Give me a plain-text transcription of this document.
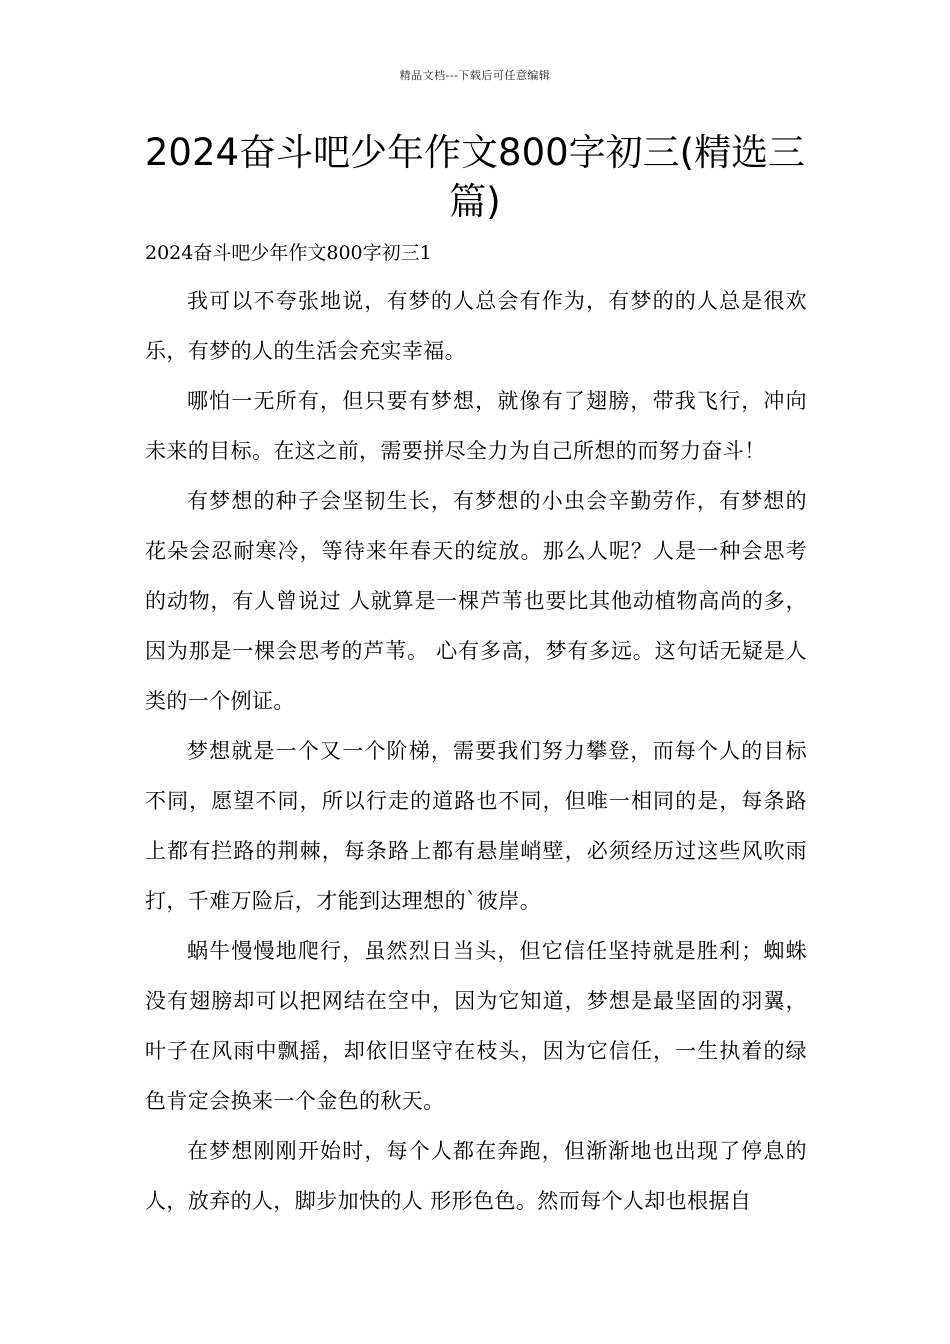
精品文档---下载后可任意编辑
2024奋斗吧少年作文800字初三(精选三篇)
2024奋斗吧少年作文800字初三1

我可以不夸张地说，有梦的人总会有作为，有梦的的人总是很欢乐，有梦的人的生活会充实幸福。

哪怕一无所有，但只要有梦想，就像有了翅膀，带我飞行，冲向未来的目标。在这之前，需要拼尽全力为自己所想的而努力奋斗！

有梦想的种子会坚韧生长，有梦想的小虫会辛勤劳作，有梦想的花朵会忍耐寒冷，等待来年春天的绽放。那么人呢？人是一种会思考的动物，有人曾说过 人就算是一棵芦苇也要比其他动植物高尚的多，因为那是一棵会思考的芦苇。 心有多高，梦有多远。这句话无疑是人类的一个例证。

梦想就是一个又一个阶梯，需要我们努力攀登，而每个人的目标不同，愿望不同，所以行走的道路也不同，但唯一相同的是，每条路上都有拦路的荆棘，每条路上都有悬崖峭壁，必须经历过这些风吹雨打，千难万险后，才能到达理想的`彼岸。

蜗牛慢慢地爬行，虽然烈日当头，但它信任坚持就是胜利；蜘蛛没有翅膀却可以把网结在空中，因为它知道，梦想是最坚固的羽翼，叶子在风雨中飘摇，却依旧坚守在枝头，因为它信任，一生执着的绿色肯定会换来一个金色的秋天。

在梦想刚刚开始时，每个人都在奔跑，但渐渐地也出现了停息的人，放弃的人，脚步加快的人 形形色色。然而每个人却也根据自
